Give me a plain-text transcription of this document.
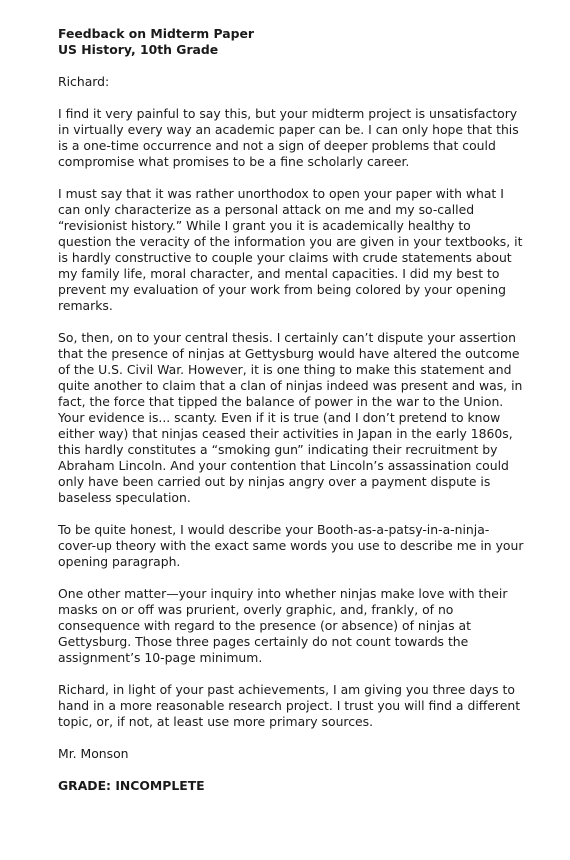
Feedback on Midterm Paper
US History, 10th Grade
Richard:

I find it very painful to say this, but your midterm project is unsatisfactory in virtually every way an academic paper can be. I can only hope that this is a one-time occurrence and not a sign of deeper problems that could compromise what promises to be a fine scholarly career.

I must say that it was rather unorthodox to open your paper with what I can only characterize as a personal attack on me and my so-called “revisionist history.” While I grant you it is academically healthy to question the veracity of the information you are given in your textbooks, it is hardly constructive to couple your claims with crude statements about my family life, moral character, and mental capacities. I did my best to prevent my evaluation of your work from being colored by your opening remarks.

So, then, on to your central thesis. I certainly can’t dispute your assertion that the presence of ninjas at Gettysburg would have altered the outcome of the U.S. Civil War. However, it is one thing to make this statement and quite another to claim that a clan of ninjas indeed was present and was, in fact, the force that tipped the balance of power in the war to the Union. Your evidence is... scanty. Even if it is true (and I don’t pretend to know either way) that ninjas ceased their activities in Japan in the early 1860s, this hardly constitutes a “smoking gun” indicating their recruitment by Abraham Lincoln. And your contention that Lincoln’s assassination could only have been carried out by ninjas angry over a payment dispute is baseless speculation.

To be quite honest, I would describe your Booth-as-a-patsy-in-a-ninja-cover-up theory with the exact same words you use to describe me in your opening paragraph.

One other matter—your inquiry into whether ninjas make love with their masks on or off was prurient, overly graphic, and, frankly, of no consequence with regard to the presence (or absence) of ninjas at Gettysburg. Those three pages certainly do not count towards the assignment’s 10-page minimum.

Richard, in light of your past achievements, I am giving you three days to hand in a more reasonable research project. I trust you will find a different topic, or, if not, at least use more primary sources.

Mr. Monson
GRADE: INCOMPLETE
